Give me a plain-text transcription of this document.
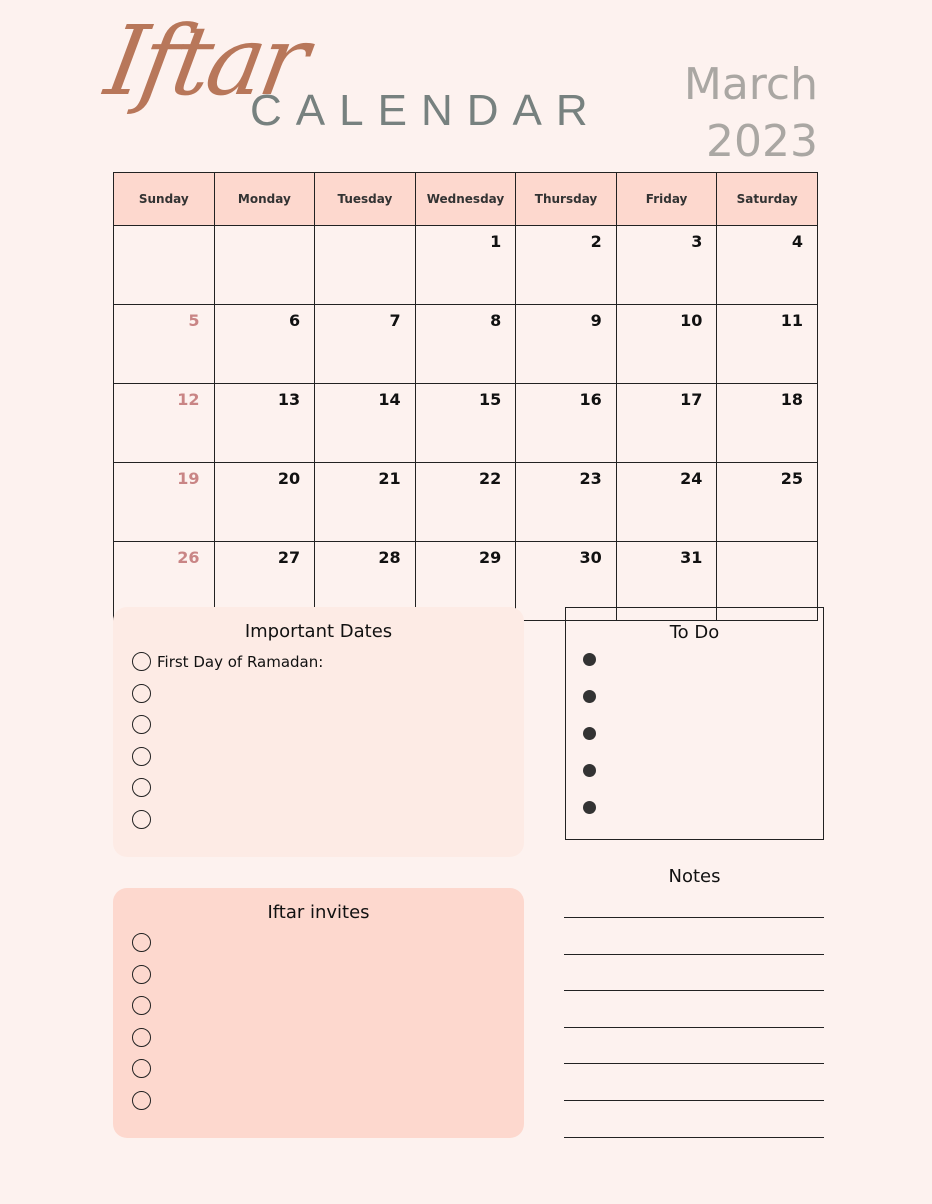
Iftar
CALENDAR
March
2023
Sunday	Monday	Tuesday	Wednesday	Thursday	Friday	Saturday
			1	2	3	4
5	6	7	8	9	10	11
12	13	14	15	16	17	18
19	20	21	22	23	24	25
26	27	28	29	30	31	
Important Dates
First Day of Ramadan:
Iftar invites
To Do
Notes
